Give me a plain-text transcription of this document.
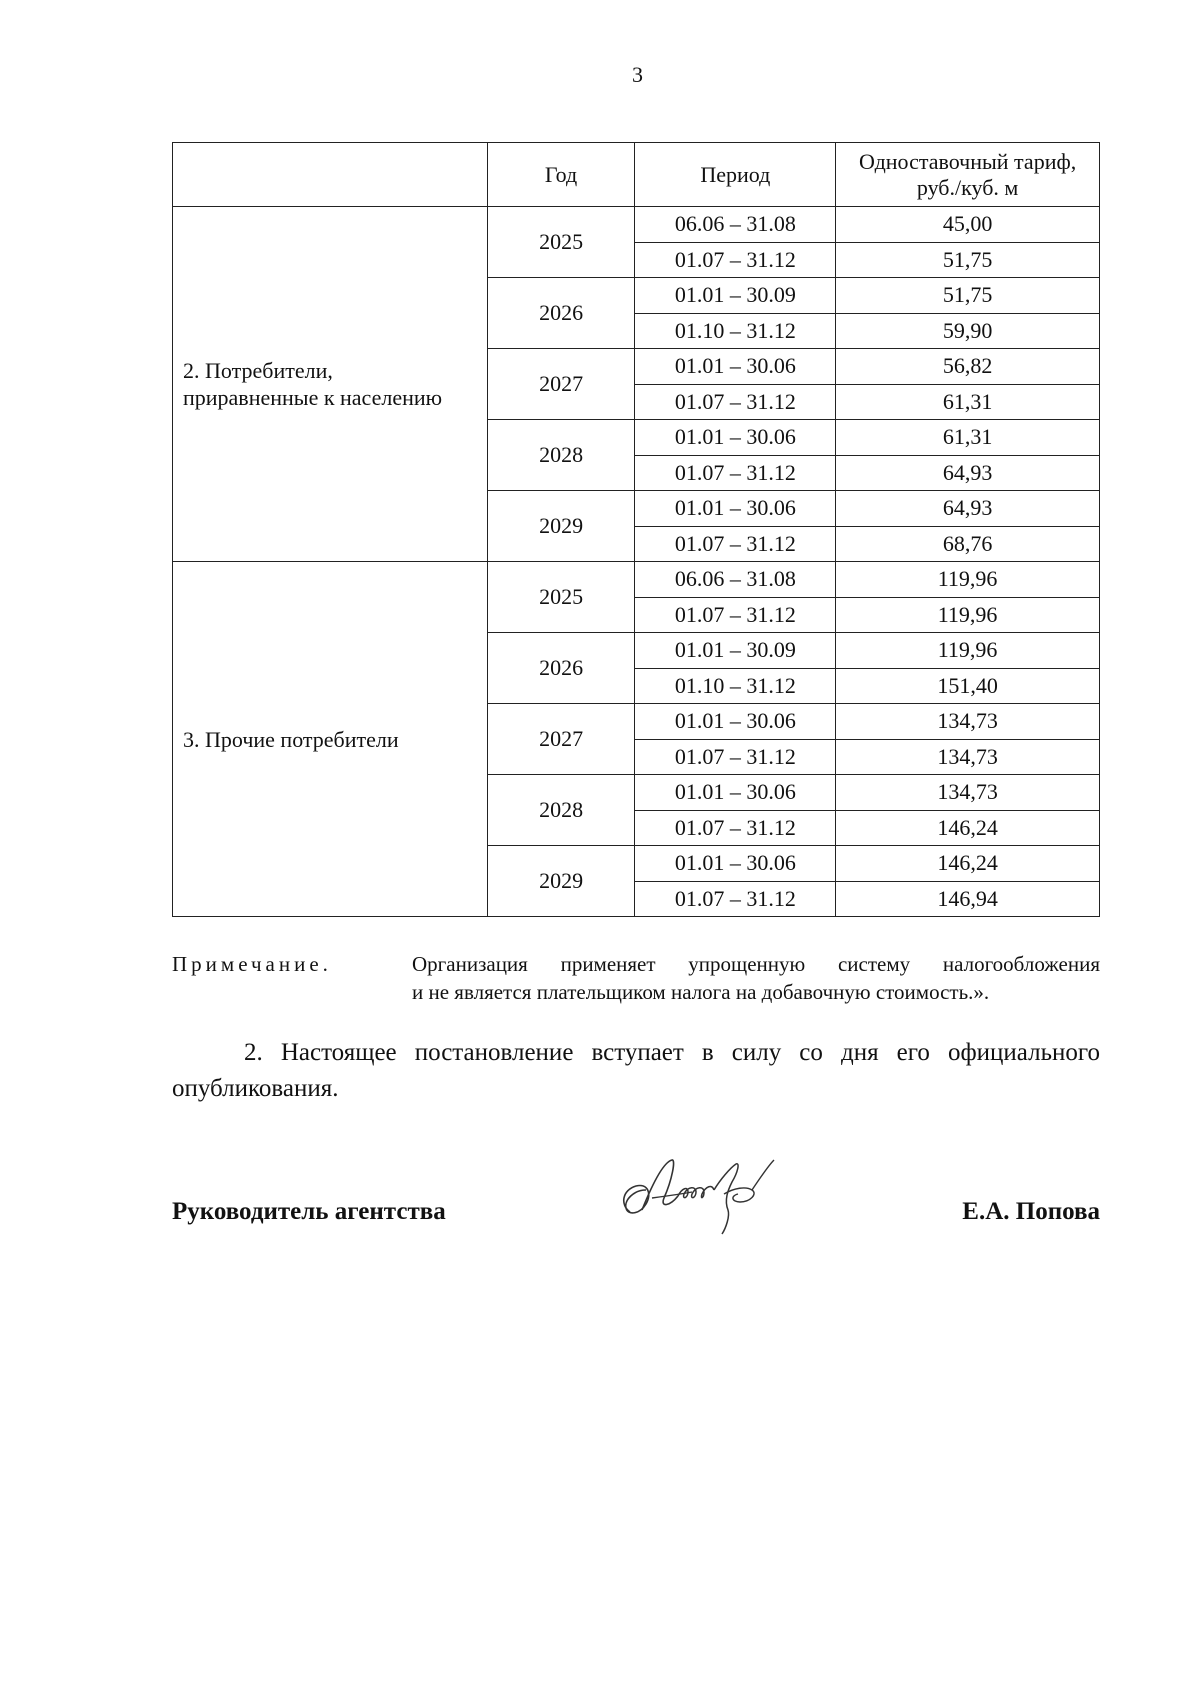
3
	Год	Период	Одноставочный тариф,
руб./куб. м
2. Потребители,
приравненные к населению	2025	06.06 – 31.08	45,00
		01.07 – 31.12	51,75
	2026	01.01 – 30.09	51,75
		01.10 – 31.12	59,90
	2027	01.01 – 30.06	56,82
		01.07 – 31.12	61,31
	2028	01.01 – 30.06	61,31
		01.07 – 31.12	64,93
	2029	01.01 – 30.06	64,93
		01.07 – 31.12	68,76
3. Прочие потребители	2025	06.06 – 31.08	119,96
		01.07 – 31.12	119,96
	2026	01.01 – 30.09	119,96
		01.10 – 31.12	151,40
	2027	01.01 – 30.06	134,73
		01.07 – 31.12	134,73
	2028	01.01 – 30.06	134,73
		01.07 – 31.12	146,24
	2029	01.01 – 30.06	146,24
		01.07 – 31.12	146,94
Примечание.	Организация применяет упрощенную систему налогообложения
и не является плательщиком налога на добавочную стоимость.».
2. Настоящее постановление вступает в силу со дня его официального опубликования.
Руководитель агентства	Е.А. Попова
